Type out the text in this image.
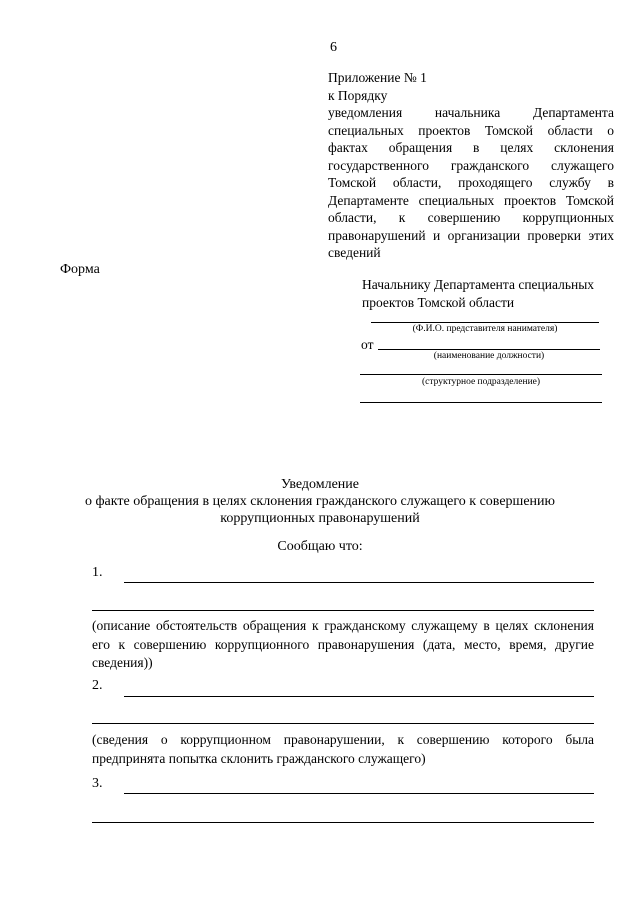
6
Приложение № 1
к Порядку
уведомления начальника Департамента
специальных проектов Томской области о
фактах обращения в целях склонения
государственного гражданского служащего
Томской области, проходящего службу в
Департаменте специальных проектов Томской
области, к совершению коррупционных
правонарушений и организации проверки этих
сведений
Форма
Начальнику Департамента специальных
проектов Томской области
(Ф.И.О. представителя нанимателя)
от
(наименование должности)
(структурное подразделение)
Уведомление
о факте обращения в целях склонения гражданского служащего к совершению
коррупционных правонарушений
Сообщаю что:
1.
(описание обстоятельств обращения к гражданскому служащему в целях склонения его к совершению коррупционного правонарушения (дата, место, время, другие сведения))
2.
(сведения о коррупционном правонарушении, к совершению которого была предпринята попытка склонить гражданского служащего)
3.
